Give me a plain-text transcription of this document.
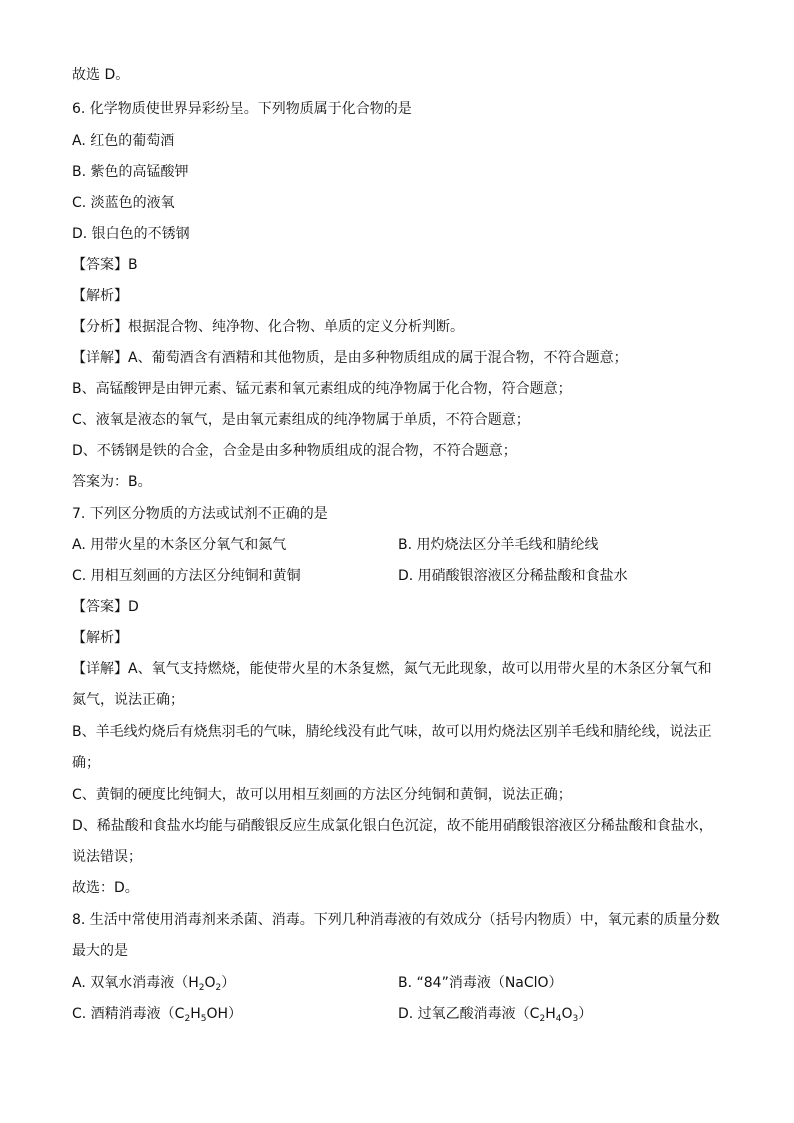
故选 D。
6. 化学物质使世界异彩纷呈。下列物质属于化合物的是
A. 红色的葡萄酒
B. 紫色的高锰酸钾
C. 淡蓝色的液氧
D. 银白色的不锈钢
【答案】B
【解析】
【分析】根据混合物、纯净物、化合物、单质的定义分析判断。
【详解】A、葡萄酒含有酒精和其他物质，是由多种物质组成的属于混合物，不符合题意；
B、高锰酸钾是由钾元素、锰元素和氧元素组成的纯净物属于化合物，符合题意；
C、液氧是液态的氧气，是由氧元素组成的纯净物属于单质，不符合题意；
D、不锈钢是铁的合金，合金是由多种物质组成的混合物，不符合题意；
答案为：B。
7. 下列区分物质的方法或试剂不正确的是
A. 用带火星的木条区分氧气和氮气	B. 用灼烧法区分羊毛线和腈纶线
C. 用相互刻画的方法区分纯铜和黄铜	D. 用硝酸银溶液区分稀盐酸和食盐水
【答案】D
【解析】
【详解】A、氧气支持燃烧，能使带火星的木条复燃，氮气无此现象，故可以用带火星的木条区分氧气和
氮气，说法正确；
B、羊毛线灼烧后有烧焦羽毛的气味，腈纶线没有此气味，故可以用灼烧法区别羊毛线和腈纶线，说法正
确；
C、黄铜的硬度比纯铜大，故可以用相互刻画的方法区分纯铜和黄铜，说法正确；
D、稀盐酸和食盐水均能与硝酸银反应生成氯化银白色沉淀，故不能用硝酸银溶液区分稀盐酸和食盐水，
说法错误；
故选：D。
8. 生活中常使用消毒剂来杀菌、消毒。下列几种消毒液的有效成分（括号内物质）中，氧元素的质量分数
最大的是
A. 双氧水消毒液$(H_2O_2)$	B. “84”消毒液（NaClO）
C. 酒精消毒液$(C_2H_5OH)$	D. 过氧乙酸消毒液$(C_2H_4O_3)$
